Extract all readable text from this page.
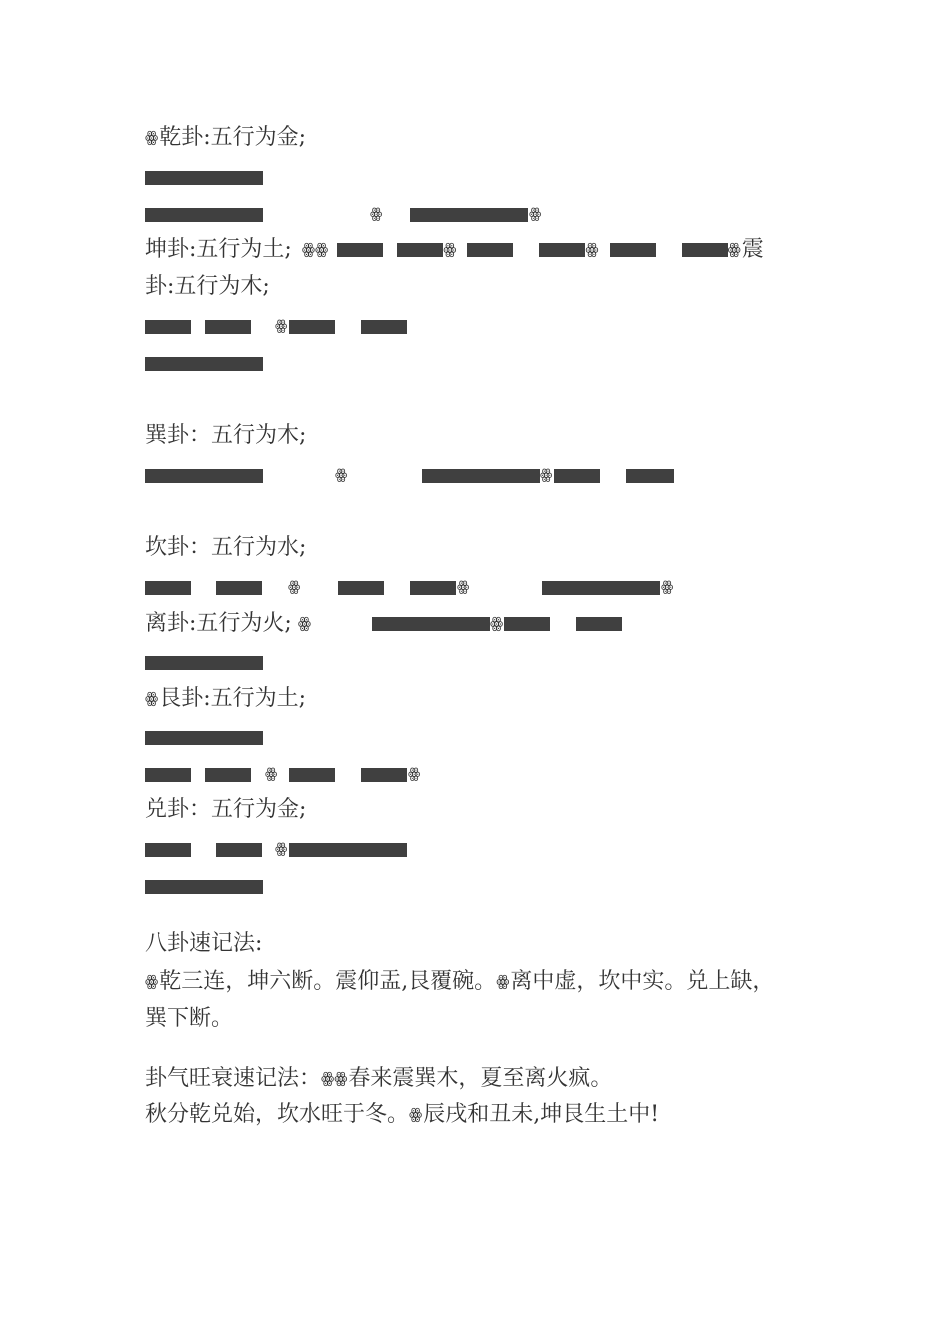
ꙮ乾卦:五行为金;
ꙮ	ꙮ
坤卦:五行为土; ꙮꙮ	ꙮ	ꙮ	ꙮ震
卦:五行为木;
ꙮ
巽卦：五行为木;
ꙮ	ꙮ
坎卦：五行为水;
ꙮ	ꙮ	ꙮ
离卦:五行为火; ꙮ	ꙮ
ꙮ艮卦:五行为土;
ꙮ	ꙮ
兑卦：五行为金;
ꙮ
八卦速记法:
ꙮ乾三连，坤六断。震仰盂,艮覆碗。ꙮ离中虚，坎中实。兑上缺，
巽下断。
卦气旺衰速记法：ꙮꙮ春来震巽木，夏至离火疯。
秋分乾兑始，坎水旺于冬。ꙮ辰戌和丑未,坤艮生土中!
